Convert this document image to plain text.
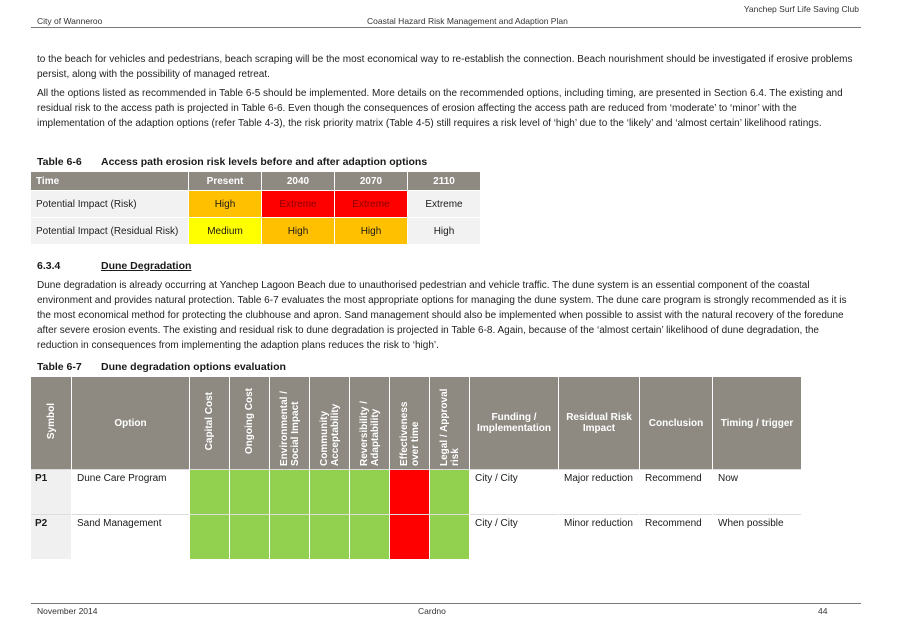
City of Wanneroo	Coastal Hazard Risk Management and Adaption Plan
Yanchep Surf Life Saving Club

to the beach for vehicles and pedestrians, beach scraping will be the most economical way to re-establish the connection. Beach nourishment should be investigated if erosive problems persist, along with the possibility of managed retreat.

All the options listed as recommended in Table 6-5 should be implemented. More details on the recommended options, including timing, are presented in Section 6.4. The existing and residual risk to the access path is projected in Table 6-6. Even though the consequences of erosion affecting the access path are reduced from ‘moderate’ to ‘minor’ with the implementation of the adaption options (refer Table 4-3), the risk priority matrix (Table 4-5) still requires a risk level of ‘high’ due to the ‘likely’ and ‘almost certain’ likelihood ratings.

Table 6-6 Access path erosion risk levels before and after adaption options
Time	Present	2040	2070	2110
Potential Impact (Risk)	High	Extreme	Extreme	Extreme
Potential Impact (Residual Risk)	Medium	High	High	High
6.3.4	Dune Degradation

Dune degradation is already occurring at Yanchep Lagoon Beach due to unauthorised pedestrian and vehicle traffic. The dune system is an essential component of the coastal environment and provides natural protection. Table 6-7 evaluates the most appropriate options for managing the dune system. The dune care program is strongly recommended as it is the most economical method for protecting the clubhouse and apron. Sand management should also be implemented when possible to assist with the natural recovery of the foredune after severe erosion events. The existing and residual risk to dune degradation is projected in Table 6-8. Again, because of the ‘almost certain’ likelihood of dune degradation, the reduction in consequences from implementing the adaption plans reduces the risk to ‘high’.

Table 6-7 Dune degradation options evaluation
Symbol	Option	Capital Cost	Ongoing Cost	Environmental / Social Impact	Community Acceptability	Reversibility / Adaptability	Effectiveness over time	Legal / Approval risk	Funding / Implementation	Residual Risk Impact	Conclusion	Timing / trigger
P1	Dune Care Program								City / City	Major reduction	Recommend	Now
P2	Sand Management								City / City	Minor reduction	Recommend	When possible
November 2014	Cardno	44
